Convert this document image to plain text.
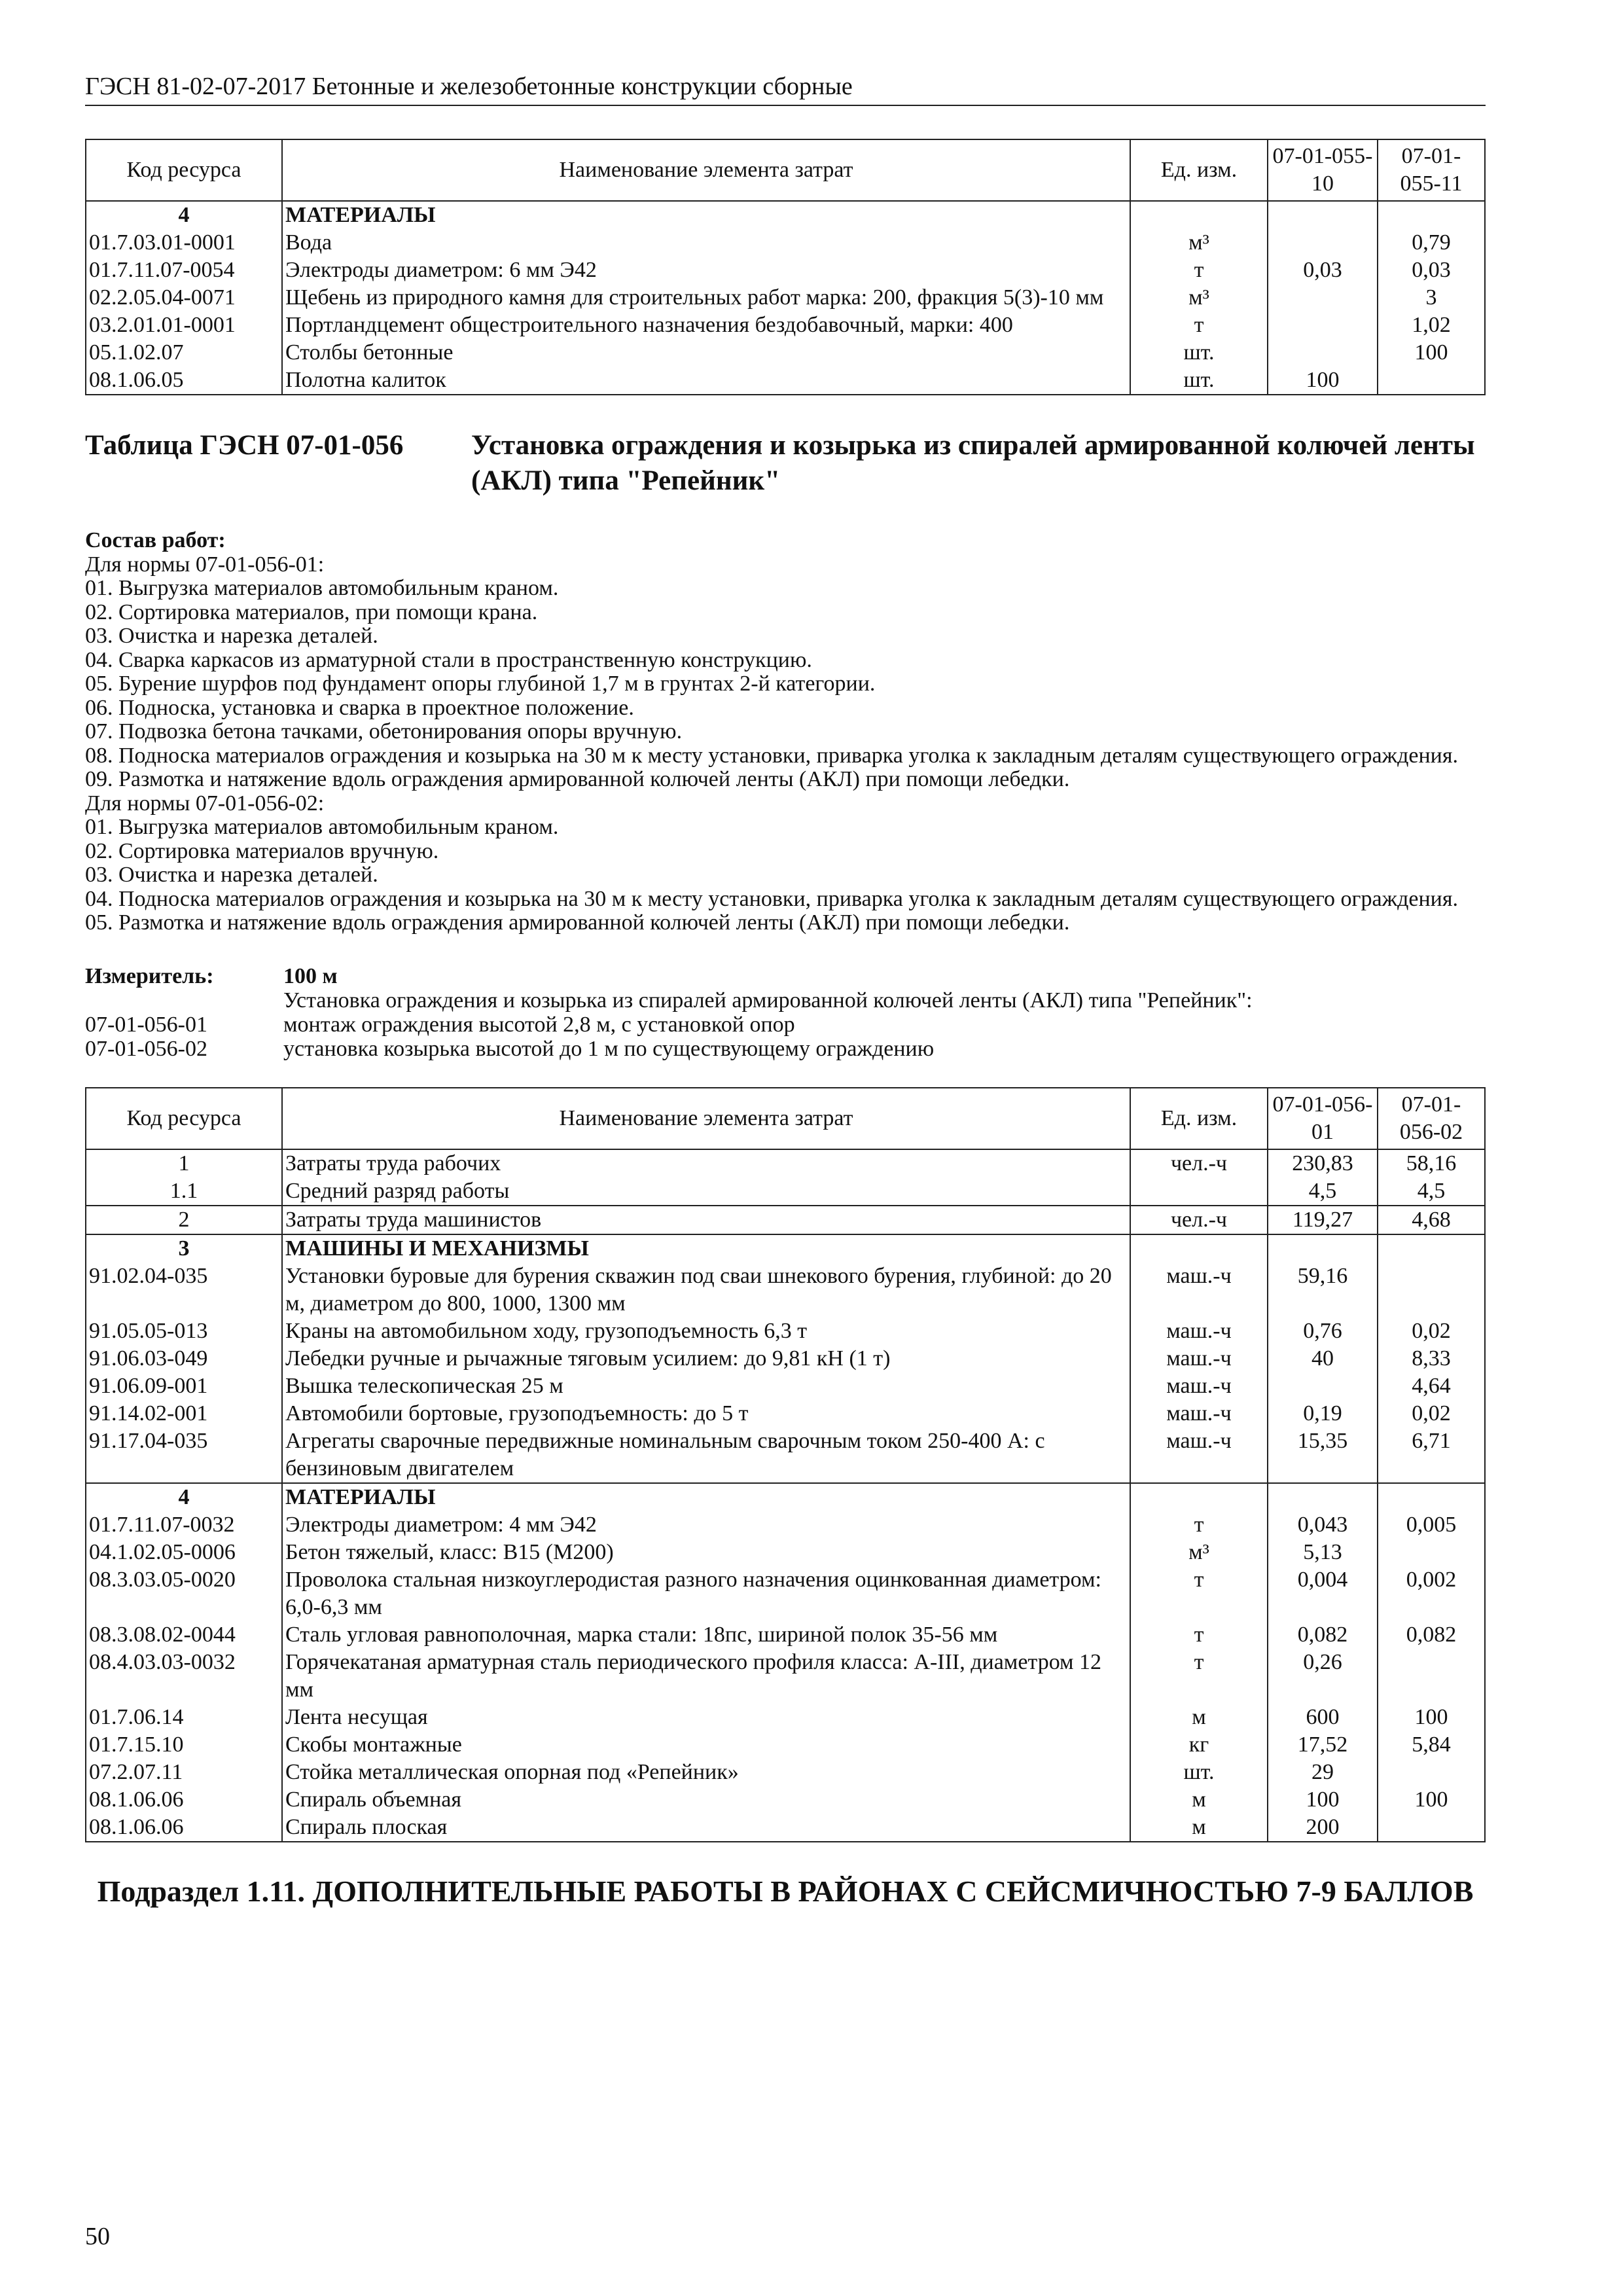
ГЭСН 81-02-07-2017 Бетонные и железобетонные конструкции сборные
Код ресурса	Наименование элемента затрат	Ед. изм.	07-01-055-10	07-01-055-11
4	МАТЕРИАЛЫ			
01.7.03.01-0001	Вода	м³		0,79
01.7.11.07-0054	Электроды диаметром: 6 мм Э42	т	0,03	0,03
02.2.05.04-0071	Щебень из природного камня для строительных работ марка: 200, фракция 5(3)-10 мм	м³		3
03.2.01.01-0001	Портландцемент общестроительного назначения бездобавочный, марки: 400	т		1,02
05.1.02.07	Столбы бетонные	шт.		100
08.1.06.05	Полотна калиток	шт.	100	
Таблица ГЭСН 07-01-056	Установка ограждения и козырька из спиралей армированной колючей ленты (АКЛ) типа "Репейник"
Состав работ:
Для нормы 07-01-056-01:
01. Выгрузка материалов автомобильным краном.
02. Сортировка материалов, при помощи крана.
03. Очистка и нарезка деталей.
04. Сварка каркасов из арматурной стали в пространственную конструкцию.
05. Бурение шурфов под фундамент опоры глубиной 1,7 м в грунтах 2-й категории.
06. Подноска, установка и сварка в проектное положение.
07. Подвозка бетона тачками, обетонирования опоры вручную.
08. Подноска материалов ограждения и козырька на 30 м к месту установки, приварка уголка к закладным деталям существующего ограждения.
09. Размотка и натяжение вдоль ограждения армированной колючей ленты (АКЛ) при помощи лебедки.
Для нормы 07-01-056-02:
01. Выгрузка материалов автомобильным краном.
02. Сортировка материалов вручную.
03. Очистка и нарезка деталей.
04. Подноска материалов ограждения и козырька на 30 м к месту установки, приварка уголка к закладным деталям существующего ограждения.
05. Размотка и натяжение вдоль ограждения армированной колючей ленты (АКЛ) при помощи лебедки.
Измеритель:	100 м
Установка ограждения и козырька из спиралей армированной колючей ленты (АКЛ) типа "Репейник":
07-01-056-01	монтаж ограждения высотой 2,8 м, с установкой опор
07-01-056-02	установка козырька высотой до 1 м по существующему ограждению
Код ресурса	Наименование элемента затрат	Ед. изм.	07-01-056-01	07-01-056-02
1	Затраты труда рабочих	чел.-ч	230,83	58,16
1.1	Средний разряд работы		4,5	4,5
2	Затраты труда машинистов	чел.-ч	119,27	4,68
3	МАШИНЫ И МЕХАНИЗМЫ			
91.02.04-035	Установки буровые для бурения скважин под сваи шнекового бурения, глубиной: до 20 м, диаметром до 800, 1000, 1300 мм	маш.-ч	59,16	
91.05.05-013	Краны на автомобильном ходу, грузоподъемность 6,3 т	маш.-ч	0,76	0,02
91.06.03-049	Лебедки ручные и рычажные тяговым усилием: до 9,81 кН (1 т)	маш.-ч	40	8,33
91.06.09-001	Вышка телескопическая 25 м	маш.-ч		4,64
91.14.02-001	Автомобили бортовые, грузоподъемность: до 5 т	маш.-ч	0,19	0,02
91.17.04-035	Агрегаты сварочные передвижные номинальным сварочным током 250-400 А: с бензиновым двигателем	маш.-ч	15,35	6,71
4	МАТЕРИАЛЫ			
01.7.11.07-0032	Электроды диаметром: 4 мм Э42	т	0,043	0,005
04.1.02.05-0006	Бетон тяжелый, класс: В15 (М200)	м³	5,13	
08.3.03.05-0020	Проволока стальная низкоуглеродистая разного назначения оцинкованная диаметром: 6,0-6,3 мм	т	0,004	0,002
08.3.08.02-0044	Сталь угловая равнополочная, марка стали: 18пс, шириной полок 35-56 мм	т	0,082	0,082
08.4.03.03-0032	Горячекатаная арматурная сталь периодического профиля класса: А-III, диаметром 12 мм	т	0,26	
01.7.06.14	Лента несущая	м	600	100
01.7.15.10	Скобы монтажные	кг	17,52	5,84
07.2.07.11	Стойка металлическая опорная под «Репейник»	шт.	29	
08.1.06.06	Спираль объемная	м	100	100
08.1.06.06	Спираль плоская	м	200	
Подраздел 1.11. ДОПОЛНИТЕЛЬНЫЕ РАБОТЫ В РАЙОНАХ С СЕЙСМИЧНОСТЬЮ 7-9 БАЛЛОВ
50
